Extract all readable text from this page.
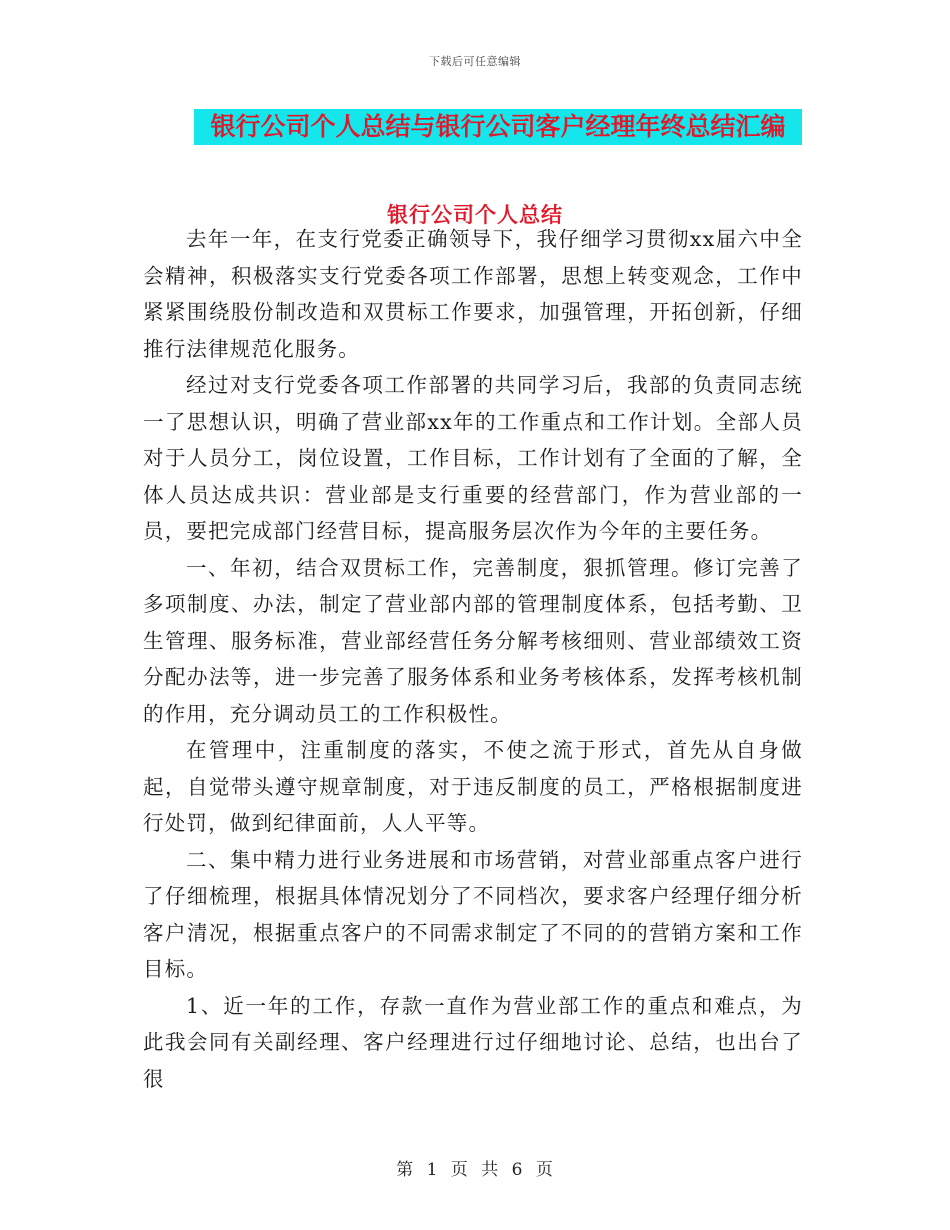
下载后可任意编辑
银行公司个人总结与银行公司客户经理年终总结汇编
银行公司个人总结

去年一年，在支行党委正确领导下，我仔细学习贯彻xx届六中全会精神，积极落实支行党委各项工作部署，思想上转变观念，工作中紧紧围绕股份制改造和双贯标工作要求，加强管理，开拓创新，仔细推行法律规范化服务。

经过对支行党委各项工作部署的共同学习后，我部的负责同志统一了思想认识，明确了营业部xx年的工作重点和工作计划。全部人员对于人员分工，岗位设置，工作目标，工作计划有了全面的了解，全体人员达成共识：营业部是支行重要的经营部门，作为营业部的一员，要把完成部门经营目标，提高服务层次作为今年的主要任务。

一、年初，结合双贯标工作，完善制度，狠抓管理。修订完善了多项制度、办法，制定了营业部内部的管理制度体系，包括考勤、卫生管理、服务标准，营业部经营任务分解考核细则、营业部绩效工资分配办法等，进一步完善了服务体系和业务考核体系，发挥考核机制的作用，充分调动员工的工作积极性。

在管理中，注重制度的落实，不使之流于形式，首先从自身做起，自觉带头遵守规章制度，对于违反制度的员工，严格根据制度进行处罚，做到纪律面前，人人平等。

二、集中精力进行业务进展和市场营销，对营业部重点客户进行了仔细梳理，根据具体情况划分了不同档次，要求客户经理仔细分析客户清况，根据重点客户的不同需求制定了不同的的营销方案和工作目标。

1、近一年的工作，存款一直作为营业部工作的重点和难点，为此我会同有关副经理、客户经理进行过仔细地讨论、总结，也出台了很

第 1 页 共 6 页
